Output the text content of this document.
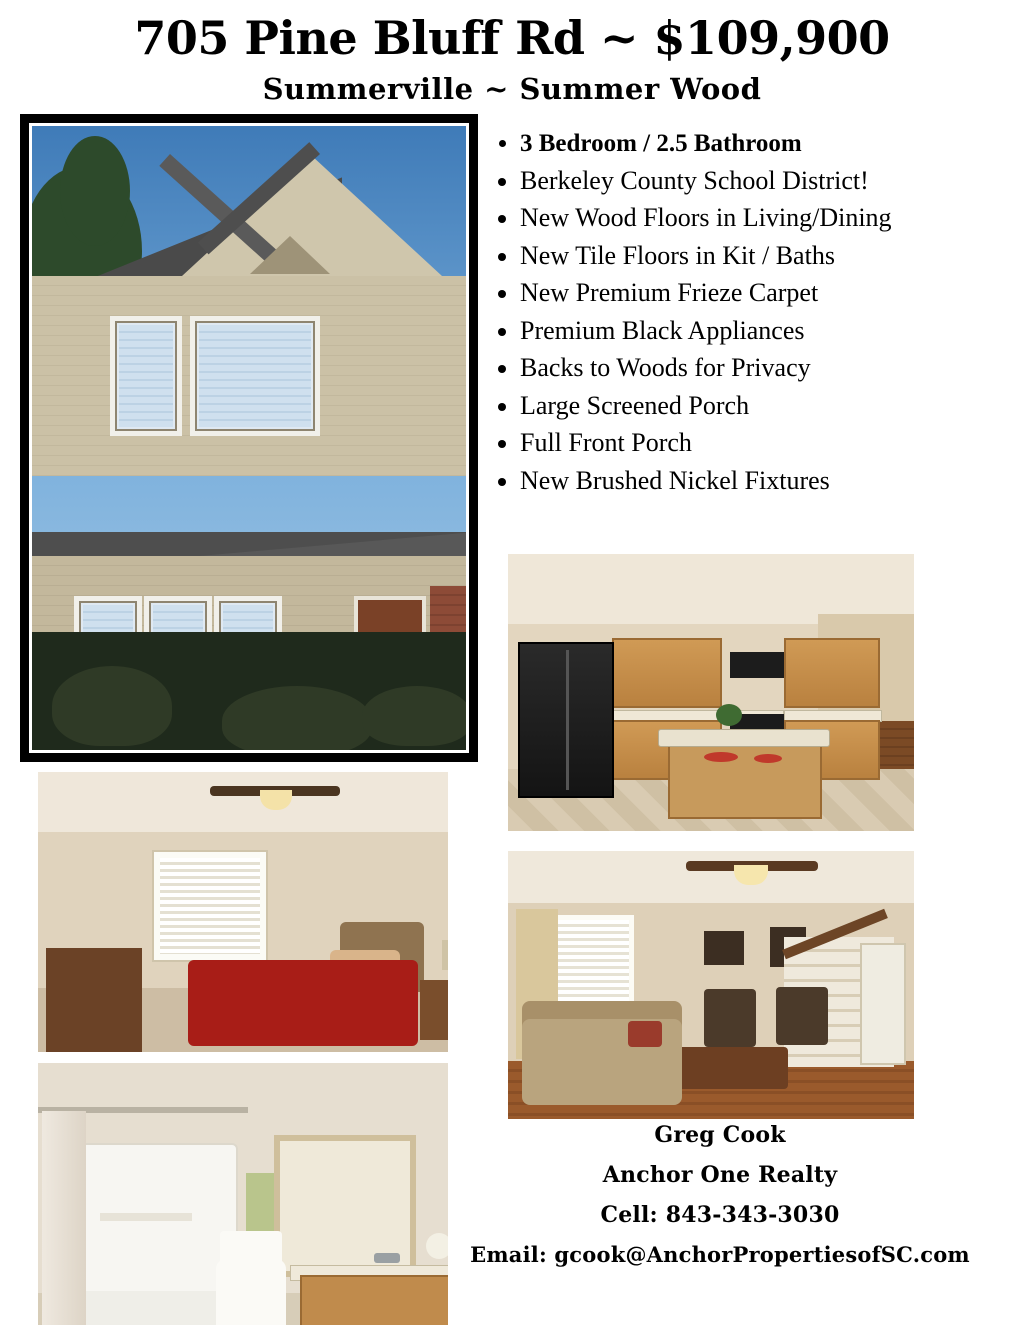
705 Pine Bluff Rd ~ $109,900
Summerville ~ Summer Wood
• 3 Bedroom / 2.5 Bathroom
• Berkeley County School District!
• New Wood Floors in Living/Dining
• New Tile Floors in Kit / Baths
• New Premium Frieze Carpet
• Premium Black Appliances
• Backs to Woods for Privacy
• Large Screened Porch
• Full Front Porch
• New Brushed Nickel Fixtures
Greg Cook
Anchor One Realty
Cell: 843-343-3030
Email: gcook@AnchorPropertiesofSC.com
